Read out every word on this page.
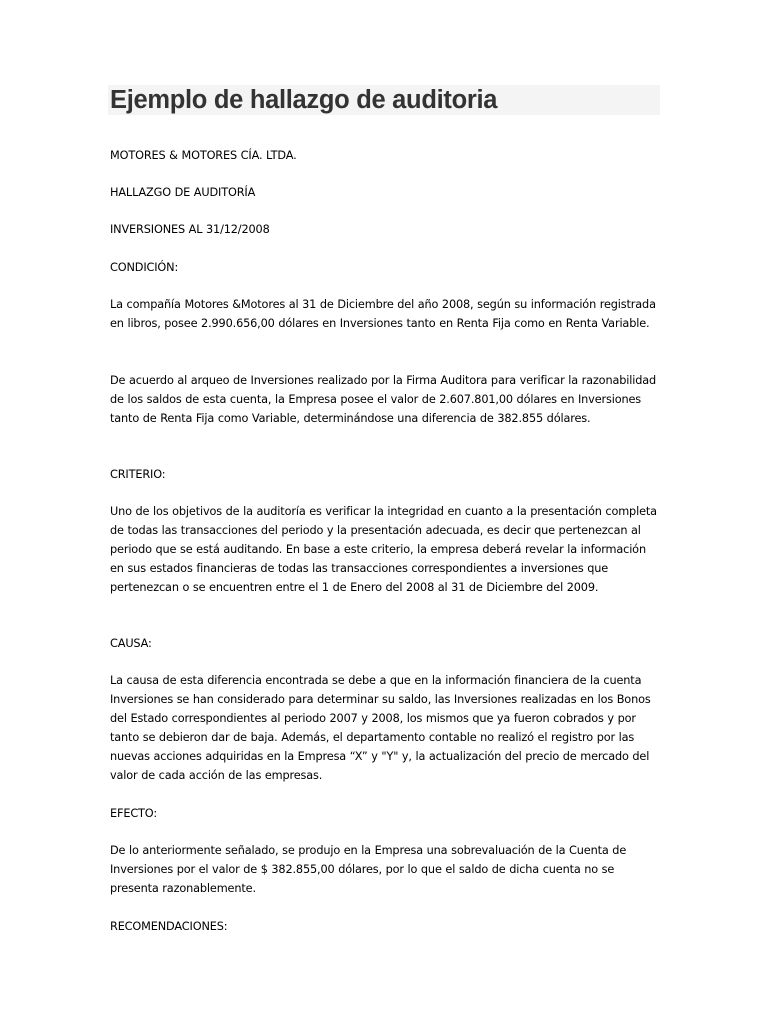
Ejemplo de hallazgo de auditoria

MOTORES & MOTORES CÍA. LTDA.

HALLAZGO DE AUDITORÍA

INVERSIONES AL 31/12/2008

CONDICIÓN:

La compañía Motores &Motores al 31 de Diciembre del año 2008, según su información registrada en libros, posee 2.990.656,00 dólares en Inversiones tanto en Renta Fija como en Renta Variable.

De acuerdo al arqueo de Inversiones realizado por la Firma Auditora para verificar la razonabilidad de los saldos de esta cuenta, la Empresa posee el valor de 2.607.801,00 dólares en Inversiones tanto de Renta Fija como Variable, determinándose una diferencia de 382.855 dólares.

CRITERIO:

Uno de los objetivos de la auditoría es verificar la integridad en cuanto a la presentación completa de todas las transacciones del periodo y la presentación adecuada, es decir que pertenezcan al periodo que se está auditando. En base a este criterio, la empresa deberá revelar la información en sus estados financieras de todas las transacciones correspondientes a inversiones que pertenezcan o se encuentren entre el 1 de Enero del 2008 al 31 de Diciembre del 2009.

CAUSA:

La causa de esta diferencia encontrada se debe a que en la información financiera de la cuenta Inversiones se han considerado para determinar su saldo, las Inversiones realizadas en los Bonos del Estado correspondientes al periodo 2007 y 2008, los mismos que ya fueron cobrados y por tanto se debieron dar de baja. Además, el departamento contable no realizó el registro por las nuevas acciones adquiridas en la Empresa “X” y "Y" y, la actualización del precio de mercado del valor de cada acción de las empresas.

EFECTO:

De lo anteriormente señalado, se produjo en la Empresa una sobrevaluación de la Cuenta de Inversiones por el valor de $ 382.855,00 dólares, por lo que el saldo de dicha cuenta no se presenta razonablemente.

RECOMENDACIONES:
